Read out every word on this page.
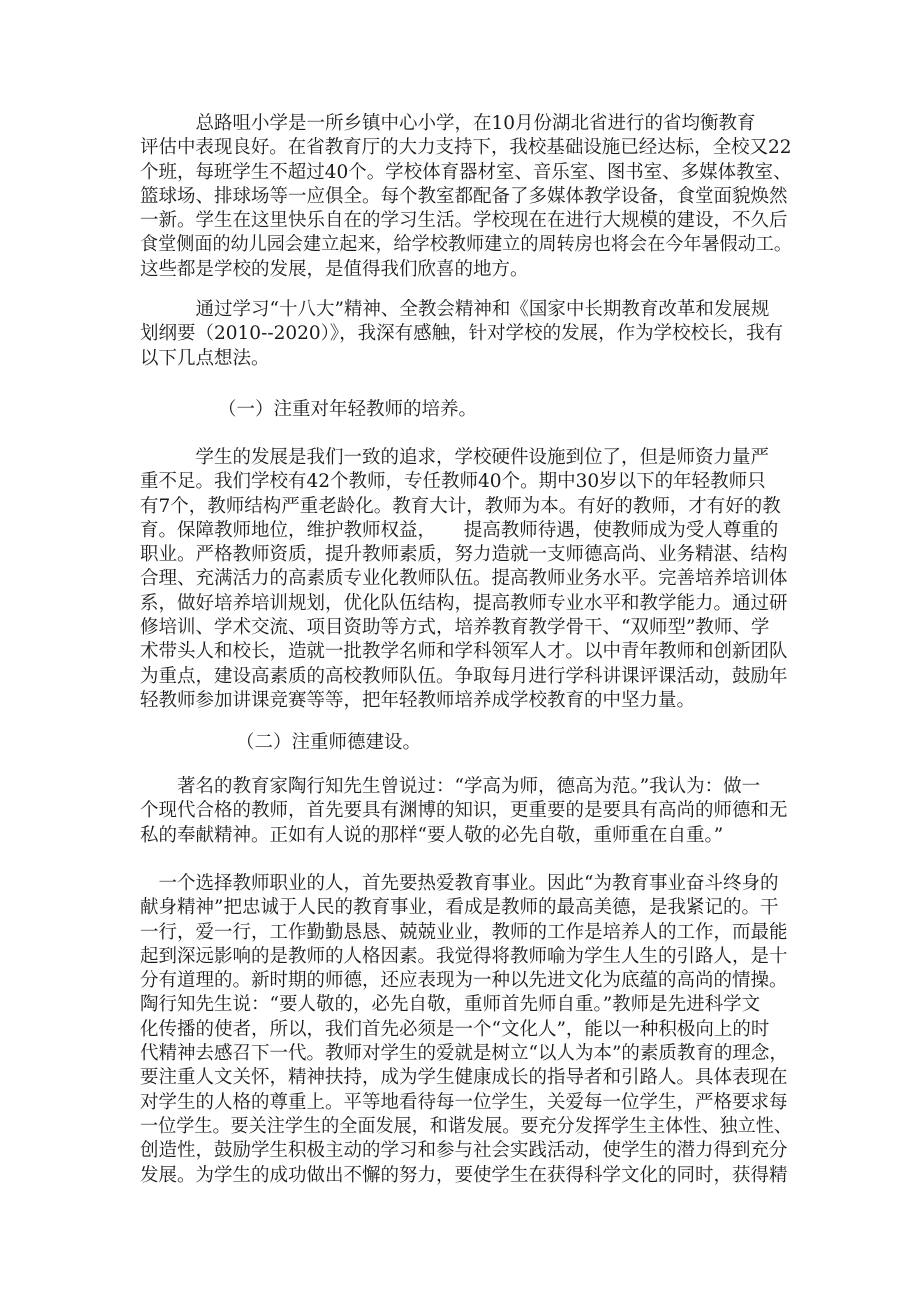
　　　总路咀小学是一所乡镇中心小学，在10月份湖北省进行的省均衡教育
评估中表现良好。在省教育厅的大力支持下，我校基础设施已经达标，全校又22
个班，每班学生不超过40个。学校体育器材室、音乐室、图书室、多媒体教室、
篮球场、排球场等一应俱全。每个教室都配备了多媒体教学设备，食堂面貌焕然
一新。学生在这里快乐自在的学习生活。学校现在在进行大规模的建设，不久后
食堂侧面的幼儿园会建立起来，给学校教师建立的周转房也将会在今年暑假动工。
这些都是学校的发展，是值得我们欣喜的地方。
　　　通过学习“十八大”精神、全教会精神和《国家中长期教育改革和发展规
划纲要（2010--2020）》，我深有感触，针对学校的发展，作为学校校长，我有
以下几点想法。
（一）注重对年轻教师的培养。
　　　学生的发展是我们一致的追求，学校硬件设施到位了，但是师资力量严
重不足。我们学校有42个教师，专任教师40个。期中30岁以下的年轻教师只
有7个，教师结构严重老龄化。教育大计，教师为本。有好的教师，才有好的教
育。保障教师地位，维护教师权益，　　提高教师待遇，使教师成为受人尊重的
职业。严格教师资质，提升教师素质，努力造就一支师德高尚、业务精湛、结构
合理、充满活力的高素质专业化教师队伍。提高教师业务水平。完善培养培训体
系，做好培养培训规划，优化队伍结构，提高教师专业水平和教学能力。通过研
修培训、学术交流、项目资助等方式，培养教育教学骨干、“双师型”教师、学
术带头人和校长，造就一批教学名师和学科领军人才。以中青年教师和创新团队
为重点，建设高素质的高校教师队伍。争取每月进行学科讲课评课活动，鼓励年
轻教师参加讲课竞赛等等，把年轻教师培养成学校教育的中坚力量。
（二）注重师德建设。
　　著名的教育家陶行知先生曾说过：“学高为师，德高为范。”我认为：做一
个现代合格的教师，首先要具有渊博的知识，更重要的是要具有高尚的师德和无
私的奉献精神。正如有人说的那样“要人敬的必先自敬，重师重在自重。”
　一个选择教师职业的人，首先要热爱教育事业。因此“为教育事业奋斗终身的
献身精神”把忠诚于人民的教育事业，看成是教师的最高美德，是我紧记的。干
一行，爱一行，工作勤勤恳恳、兢兢业业，教师的工作是培养人的工作，而最能
起到深远影响的是教师的人格因素。我觉得将教师喻为学生人生的引路人，是十
分有道理的。新时期的师德，还应表现为一种以先进文化为底蕴的高尚的情操。
陶行知先生说：“要人敬的，必先自敬，重师首先师自重。”教师是先进科学文
化传播的使者，所以，我们首先必须是一个“文化人”，能以一种积极向上的时
代精神去感召下一代。教师对学生的爱就是树立“以人为本”的素质教育的理念，
要注重人文关怀，精神扶持，成为学生健康成长的指导者和引路人。具体表现在
对学生的人格的尊重上。平等地看待每一位学生，关爱每一位学生，严格要求每
一位学生。要关注学生的全面发展，和谐发展。要充分发挥学生主体性、独立性、
创造性，鼓励学生积极主动的学习和参与社会实践活动，使学生的潜力得到充分
发展。为学生的成功做出不懈的努力，要使学生在获得科学文化的同时，获得精
